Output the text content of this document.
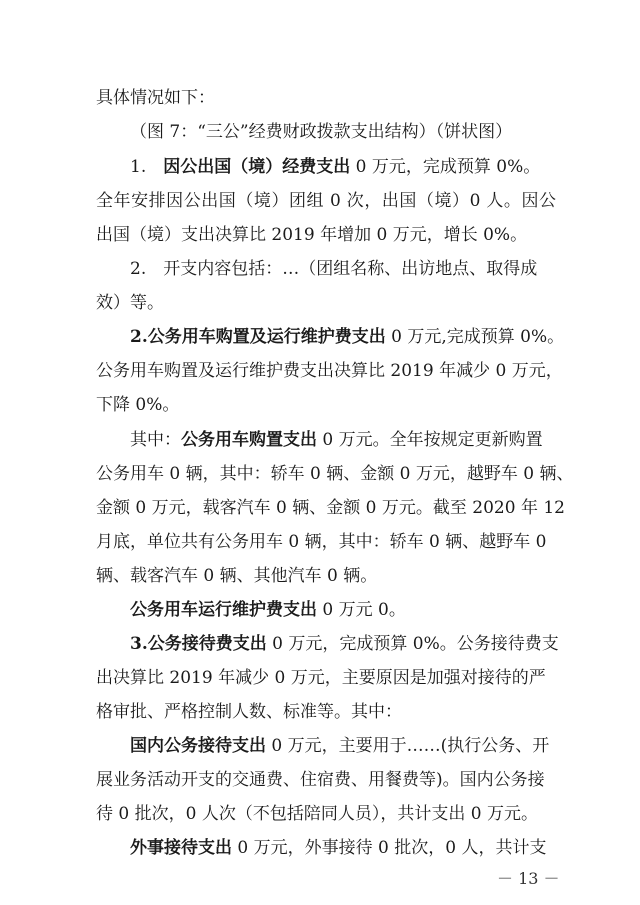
具体情况如下：
（图 7：“三公”经费财政拨款支出结构）（饼状图）
1.　因公出国（境）经费支出 0 万元，完成预算 0%。
全年安排因公出国（境）团组 0 次，出国（境）0 人。因公
出国（境）支出决算比 2019 年增加 0 万元，增长 0%。
2.　开支内容包括：…（团组名称、出访地点、取得成
效）等。
2.公务用车购置及运行维护费支出 0 万元,完成预算 0%。
公务用车购置及运行维护费支出决算比 2019 年减少 0 万元，
下降 0%。
其中：公务用车购置支出 0 万元。全年按规定更新购置
公务用车 0 辆，其中：轿车 0 辆、金额 0 万元，越野车 0 辆、
金额 0 万元，载客汽车 0 辆、金额 0 万元。截至 2020 年 12
月底，单位共有公务用车 0 辆，其中：轿车 0 辆、越野车 0
辆、载客汽车 0 辆、其他汽车 0 辆。
公务用车运行维护费支出 0 万元 0。
3.公务接待费支出 0 万元，完成预算 0%。公务接待费支
出决算比 2019 年减少 0 万元，主要原因是加强对接待的严
格审批、严格控制人数、标准等。其中：
国内公务接待支出 0 万元，主要用于……(执行公务、开
展业务活动开支的交通费、住宿费、用餐费等)。国内公务接
待 0 批次，0 人次（不包括陪同人员），共计支出 0 万元。
外事接待支出 0 万元，外事接待 0 批次，0 人，共计支
－ 13 －
